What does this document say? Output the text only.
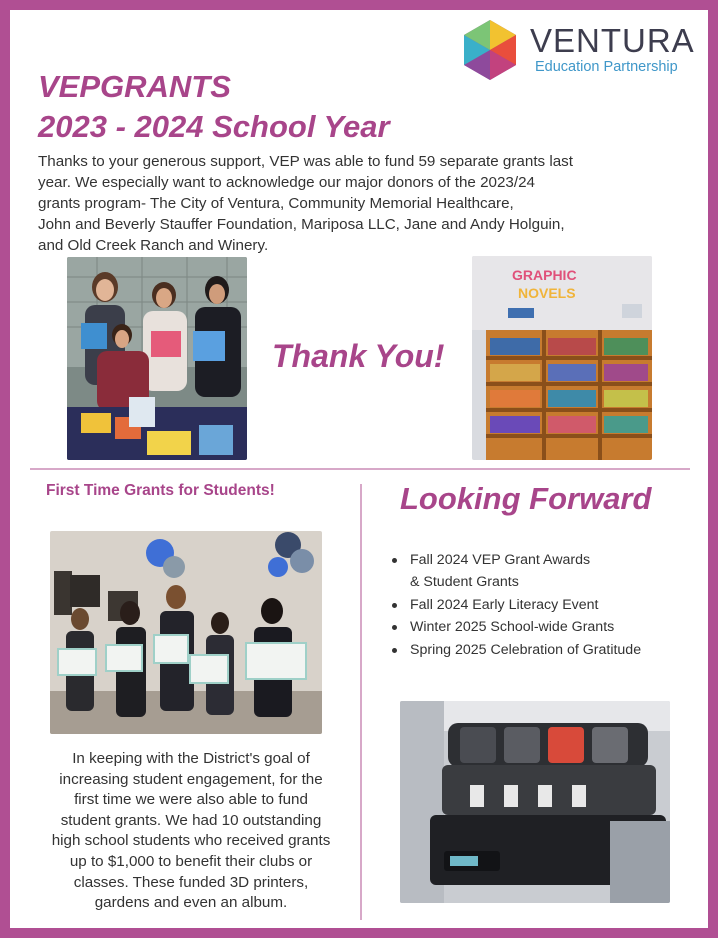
VENTURA
Education Partnership
VEPGRANTS
2023 - 2024 School Year
Thanks to your generous support, VEP was able to fund 59 separate grants last
year. We especially want to acknowledge our major donors of the 2023/24
grants program- The City of Ventura, Community Memorial Healthcare,
John and Beverly Stauffer Foundation, Mariposa LLC, Jane and Andy Holguin,
and Old Creek Ranch and Winery.
Thank You!
GRAPHIC
NOVELS
First Time Grants for Students!
In keeping with the District's goal of
increasing student engagement, for the
first time we were also able to fund
student grants. We had 10 outstanding
high school students who received grants
up to $1,000 to benefit their clubs or
classes. These funded 3D printers,
gardens and even an album.
Looking Forward
Fall 2024 VEP Grant Awards
& Student Grants
Fall 2024 Early Literacy Event
Winter 2025 School-wide Grants
Spring 2025 Celebration of Gratitude
